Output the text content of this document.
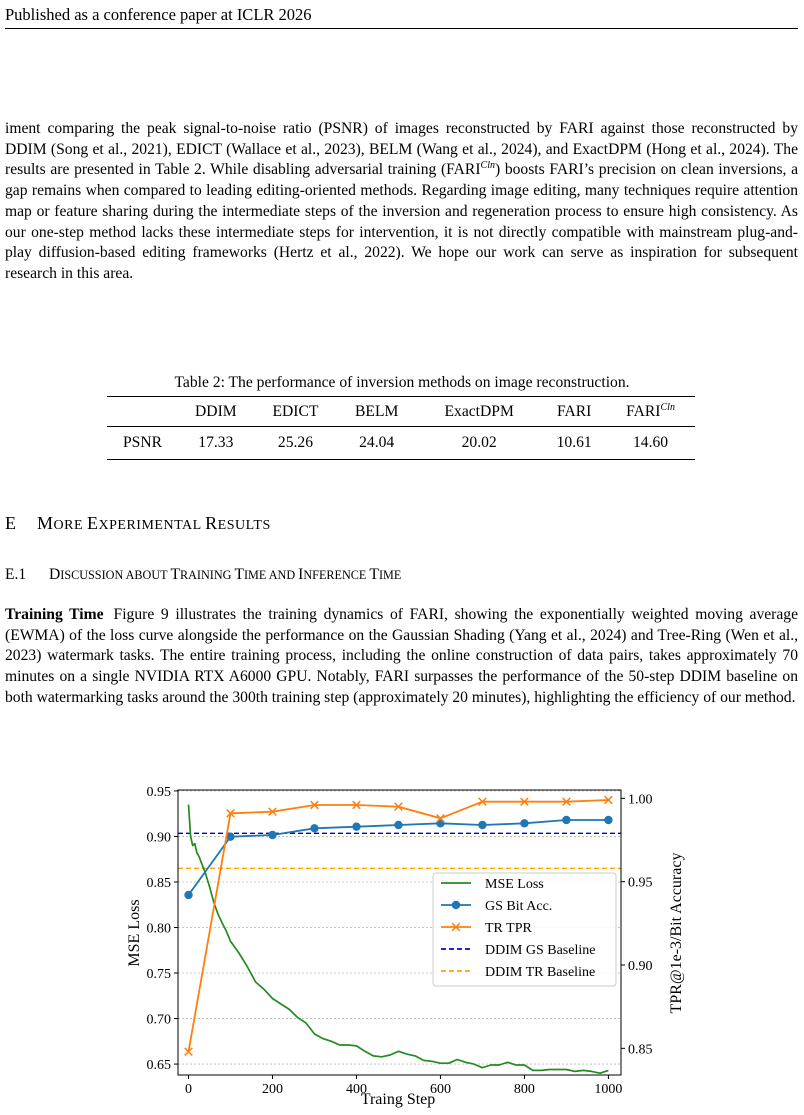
Published as a conference paper at ICLR 2026
iment comparing the peak signal-to-noise ratio (PSNR) of images reconstructed by FARI against those reconstructed by DDIM (Song et al., 2021), EDICT (Wallace et al., 2023), BELM (Wang et al., 2024), and ExactDPM (Hong et al., 2024). The results are presented in Table 2. While disabling adversarial training $(FARI^{Cln})$ boosts FARI’s precision on clean inversions, a gap remains when compared to leading editing-oriented methods. Regarding image editing, many techniques require attention map or feature sharing during the intermediate steps of the inversion and regeneration process to ensure high consistency. As our one-step method lacks these intermediate steps for intervention, it is not directly compatible with mainstream plug-and-play diffusion-based editing frameworks (Hertz et al., 2022). We hope our work can serve as inspiration for subsequent research in this area.
Table 2: The performance of inversion methods on image reconstruction.
	DDIM	EDICT	BELM	ExactDPM	FARI	$FARI^{Cln}$
PSNR	17.33	25.26	24.04	20.02	10.61	14.60
E MORE EXPERIMENTAL RESULTS
E.1 DISCUSSION ABOUT TRAINING TIME AND INFERENCE TIME
Training Time Figure 9 illustrates the training dynamics of FARI, showing the exponentially weighted moving average (EWMA) of the loss curve alongside the performance on the Gaussian Shading (Yang et al., 2024) and Tree-Ring (Wen et al., 2023) watermark tasks. The entire training process, including the online construction of data pairs, takes approximately 70 minutes on a single NVIDIA RTX A6000 GPU. Notably, FARI surpasses the performance of the 50-step DDIM baseline on both watermarking tasks around the 300th training step (approximately 20 minutes), highlighting the efficiency of our method.
0.65
0.70
0.75
0.80
0.85
0.90
0.95
0.85
0.90
0.95
1.00
0	200	400	600	800	1000
Traing Step
MSE Loss	TPR@1e-3/Bit Accuracy
MSE Loss
GS Bit Acc.
TR TPR
DDIM GS Baseline
DDIM TR Baseline
